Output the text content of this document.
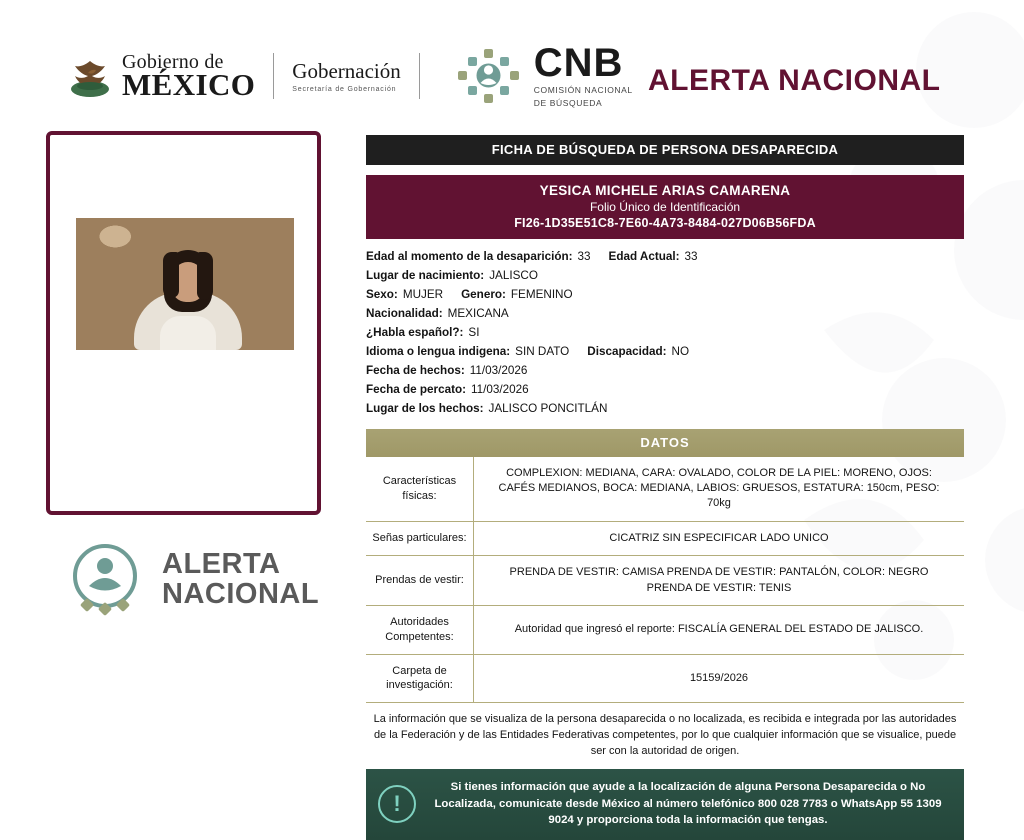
Gobierno de
MÉXICO Gobernación
Secretaría de Gobernación
CNB
COMISIÓN NACIONAL
DE BÚSQUEDA
ALERTA NACIONAL
ALERTA
NACIONAL
FICHA DE BÚSQUEDA DE PERSONA DESAPARECIDA
YESICA MICHELE ARIAS CAMARENA
Folio Único de Identificación
FI26-1D35E51C8-7E60-4A73-8484-027D06B56FDA
Edad al momento de la desaparición: 33 Edad Actual: 33
Lugar de nacimiento: JALISCO
Sexo: MUJER Genero: FEMENINO
Nacionalidad: MEXICANA
¿Habla español?: SI
Idioma o lengua indigena: SIN DATO Discapacidad: NO
Fecha de hechos: 11/03/2026
Fecha de percato: 11/03/2026
Lugar de los hechos: JALISCO PONCITLÁN
DATOS
Características físicas:	COMPLEXION: MEDIANA, CARA: OVALADO, COLOR DE LA PIEL: MORENO, OJOS: CAFÉS MEDIANOS, BOCA: MEDIANA, LABIOS: GRUESOS, ESTATURA: 150cm, PESO: 70kg
Señas particulares:	CICATRIZ SIN ESPECIFICAR LADO UNICO
Prendas de vestir:	PRENDA DE VESTIR: CAMISA PRENDA DE VESTIR: PANTALÓN, COLOR: NEGRO PRENDA DE VESTIR: TENIS
Autoridades Competentes:	Autoridad que ingresó el reporte: FISCALÍA GENERAL DEL ESTADO DE JALISCO.
Carpeta de investigación:	15159/2026
La información que se visualiza de la persona desaparecida o no localizada, es recibida e integrada por las autoridades de la Federación y de las Entidades Federativas competentes, por lo que cualquier información que se visualice, puede ser con la autoridad de origen.
!
Si tienes información que ayude a la localización de alguna Persona Desaparecida o No Localizada, comunicate desde México al número telefónico 800 028 7783 o WhatsApp 55 1309 9024 y proporciona toda la información que tengas.
